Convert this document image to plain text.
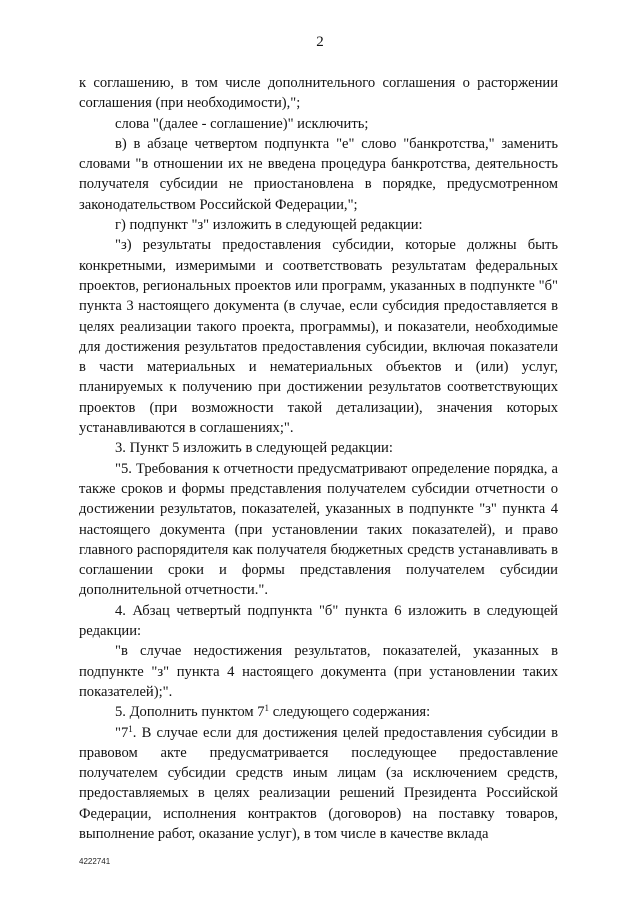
2

к соглашению, в том числе дополнительного соглашения о расторжении соглашения (при необходимости),";

слова "(далее - соглашение)" исключить;

в) в абзаце четвертом подпункта "е" слово "банкротства," заменить словами "в отношении их не введена процедура банкротства, деятельность получателя субсидии не приостановлена в порядке, предусмотренном законодательством Российской Федерации,";

г) подпункт "з" изложить в следующей редакции:

"з) результаты предоставления субсидии, которые должны быть конкретными, измеримыми и соответствовать результатам федеральных проектов, региональных проектов или программ, указанных в подпункте "б" пункта 3 настоящего документа (в случае, если субсидия предоставляется в целях реализации такого проекта, программы), и показатели, необходимые для достижения результатов предоставления субсидии, включая показатели в части материальных и нематериальных объектов и (или) услуг, планируемых к получению при достижении результатов соответствующих проектов (при возможности такой детализации), значения которых устанавливаются в соглашениях;".

3. Пункт 5 изложить в следующей редакции:

"5. Требования к отчетности предусматривают определение порядка, а также сроков и формы представления получателем субсидии отчетности о достижении результатов, показателей, указанных в подпункте "з" пункта 4 настоящего документа (при установлении таких показателей), и право главного распорядителя как получателя бюджетных средств устанавливать в соглашении сроки и формы представления получателем субсидии дополнительной отчетности.".

4. Абзац четвертый подпункта "б" пункта 6 изложить в следующей редакции:

"в случае недостижения результатов, показателей, указанных в подпункте "з" пункта 4 настоящего документа (при установлении таких показателей);".

5. Дополнить пунктом $7^1$ следующего содержания:

"$7^1$. В случае если для достижения целей предоставления субсидии в правовом акте предусматривается последующее предоставление получателем субсидии средств иным лицам (за исключением средств, предоставляемых в целях реализации решений Президента Российской Федерации, исполнения контрактов (договоров) на поставку товаров, выполнение работ, оказание услуг), в том числе в качестве вклада

4222741
